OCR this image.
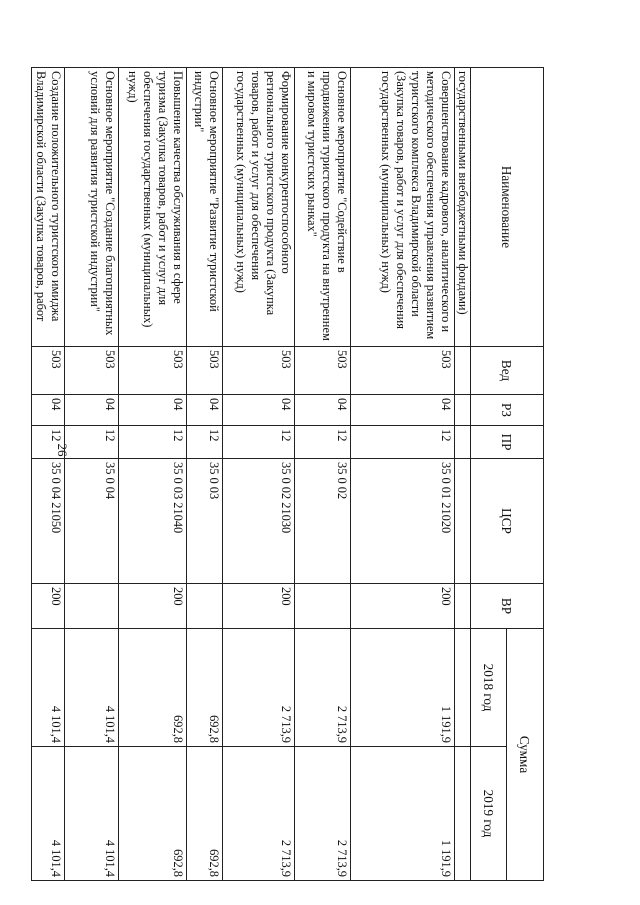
26
Наименование	Вед	РЗ	ПР	ЦСР	ВР	Сумма	
						2018 год	2019 год
государственными внебюджетными фондами)							
Совершенствование кадрового, аналитического и методического обеспечения управления развитием туристского комплекса Владимирской области (Закупка товаров, работ и услуг для обеспечения государственных (муниципальных) нужд)	503	04	12	35 0 01 21020	200	1 191,9	1 191,9
Основное мероприятие "Содействие в продвижении туристского продукта на внутреннем и мировом туристских рынках"	503	04	12	35 0 02		2 713,9	2 713,9
Формирование конкурентоспособного регионального туристского продукта (Закупка товаров, работ и услуг для обеспечения государственных (муниципальных) нужд)	503	04	12	35 0 02 21030	200	2 713,9	2 713,9
Основное мероприятие "Развитие туристской индустрии"	503	04	12	35 0 03		692,8	692,8
Повышение качества обслуживания в сфере туризма (Закупка товаров, работ и услуг для обеспечения государственных (муниципальных) нужд)	503	04	12	35 0 03 21040	200	692,8	692,8
Основное мероприятие "Создание благоприятных условий для развития туристской индустрии"	503	04	12	35 0 04		4 101,4	4 101,4
Создание положительного туристского имиджа Владимирской области (Закупка товаров, работ	503	04	12	35 0 04 21050	200	4 101,4	4 101,4
